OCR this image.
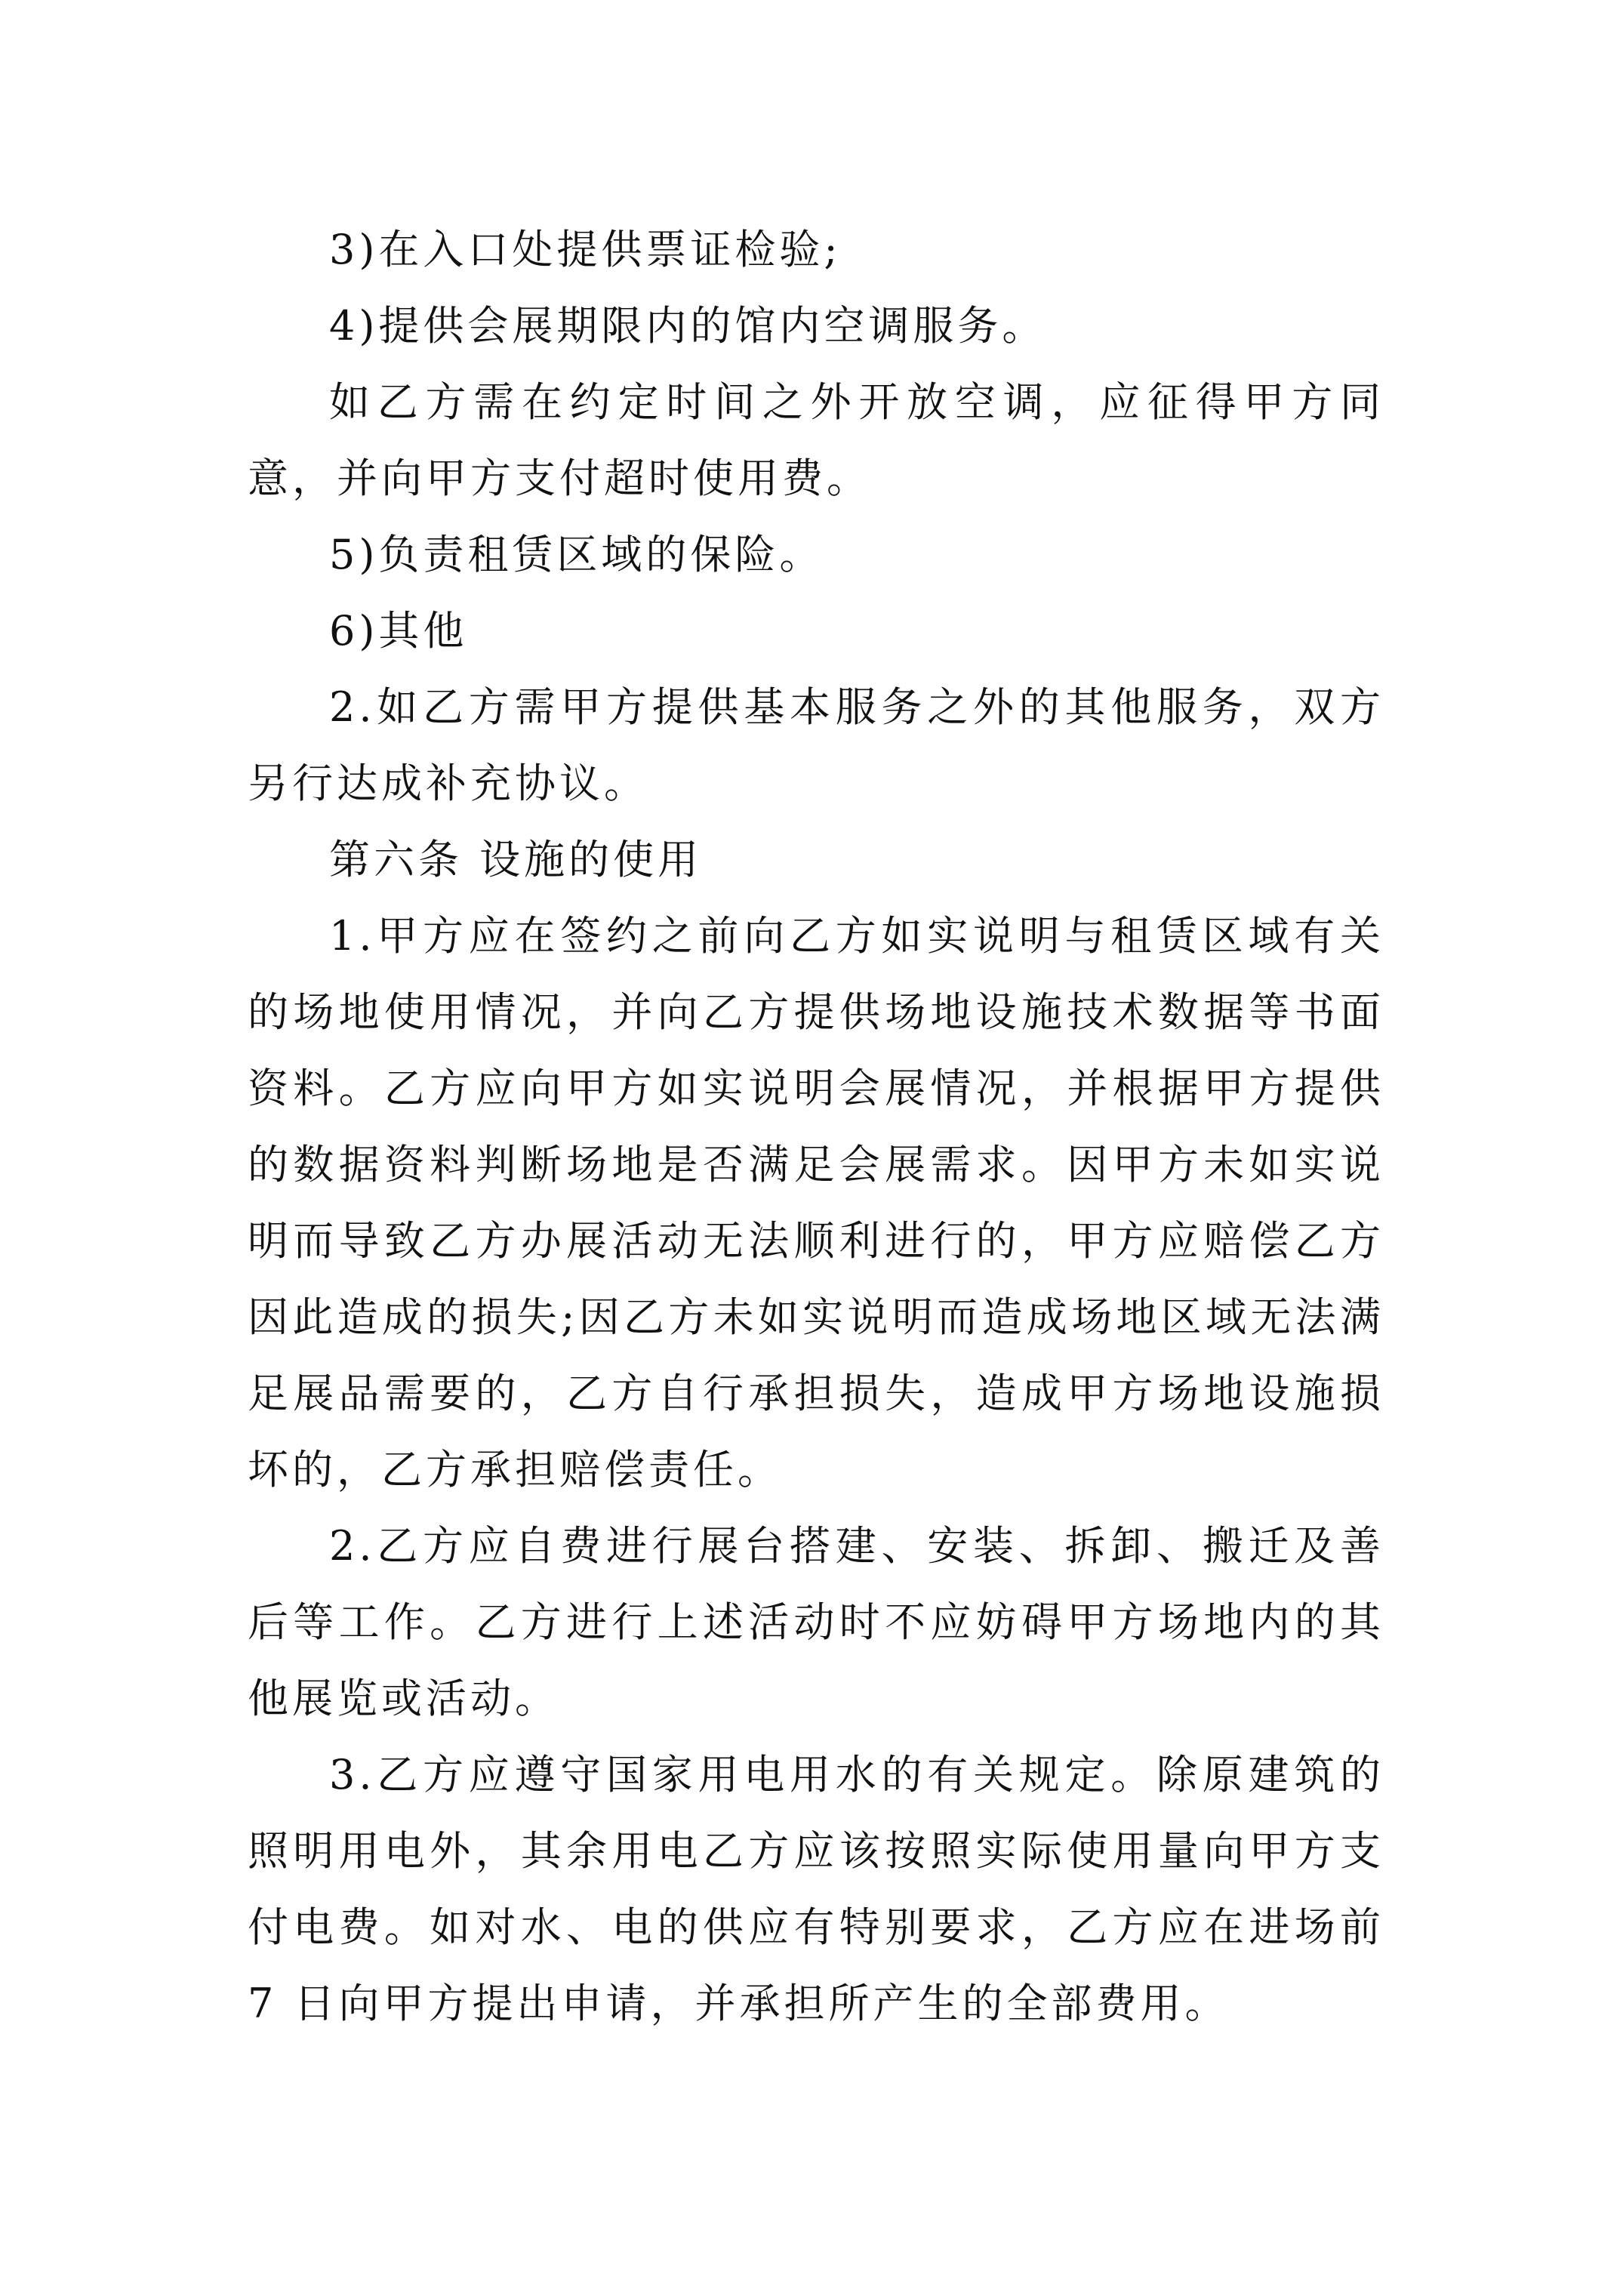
3)在入口处提供票证检验;

4)提供会展期限内的馆内空调服务。

如乙方需在约定时间之外开放空调，应征得甲方同意，并向甲方支付超时使用费。

5)负责租赁区域的保险。

6)其他

2.如乙方需甲方提供基本服务之外的其他服务，双方另行达成补充协议。

第六条 设施的使用

1.甲方应在签约之前向乙方如实说明与租赁区域有关的场地使用情况，并向乙方提供场地设施技术数据等书面资料。乙方应向甲方如实说明会展情况，并根据甲方提供的数据资料判断场地是否满足会展需求。因甲方未如实说明而导致乙方办展活动无法顺利进行的，甲方应赔偿乙方因此造成的损失;因乙方未如实说明而造成场地区域无法满足展品需要的，乙方自行承担损失，造成甲方场地设施损坏的，乙方承担赔偿责任。

2.乙方应自费进行展台搭建、安装、拆卸、搬迁及善后等工作。乙方进行上述活动时不应妨碍甲方场地内的其他展览或活动。

3.乙方应遵守国家用电用水的有关规定。除原建筑的照明用电外，其余用电乙方应该按照实际使用量向甲方支付电费。如对水、电的供应有特别要求，乙方应在进场前 7 日向甲方提出申请，并承担所产生的全部费用。
